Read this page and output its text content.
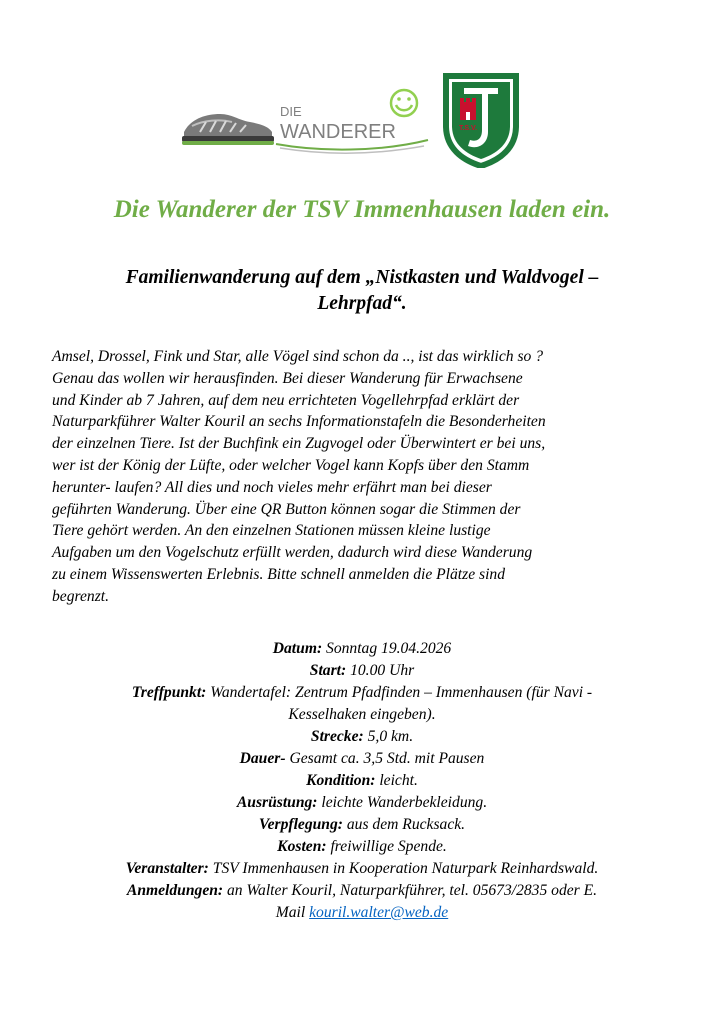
DIE
WANDERER	T.S.V.
Die Wanderer der TSV Immenhausen laden ein.
Familienwanderung auf dem „Nistkasten und Waldvogel –
Lehrpfad“.

Amsel, Drossel, Fink und Star, alle Vögel sind schon da .., ist das wirklich so ?
Genau das wollen wir herausfinden. Bei dieser Wanderung für Erwachsene
und Kinder ab 7 Jahren, auf dem neu errichteten Vogellehrpfad erklärt der
Naturparkführer Walter Kouril an sechs Informationstafeln die Besonderheiten
der einzelnen Tiere. Ist der Buchfink ein Zugvogel oder Überwintert er bei uns,
wer ist der König der Lüfte, oder welcher Vogel kann Kopfs über den Stamm
herunter- laufen? All dies und noch vieles mehr erfährt man bei dieser
geführten Wanderung. Über eine QR Button können sogar die Stimmen der
Tiere gehört werden. An den einzelnen Stationen müssen kleine lustige
Aufgaben um den Vogelschutz erfüllt werden, dadurch wird diese Wanderung
zu einem Wissenswerten Erlebnis. Bitte schnell anmelden die Plätze sind
begrenzt.

Datum: Sonntag 19.04.2026
Start: 10.00 Uhr
Treffpunkt: Wandertafel: Zentrum Pfadfinden – Immenhausen (für Navi -
Kesselhaken eingeben).
Strecke: 5,0 km.
Dauer- Gesamt ca. 3,5 Std. mit Pausen
Kondition: leicht.
Ausrüstung: leichte Wanderbekleidung.
Verpflegung: aus dem Rucksack.
Kosten: freiwillige Spende.
Veranstalter: TSV Immenhausen in Kooperation Naturpark Reinhardswald.
Anmeldungen: an Walter Kouril, Naturparkführer, tel. 05673/2835 oder E.
Mail kouril.walter@web.de
